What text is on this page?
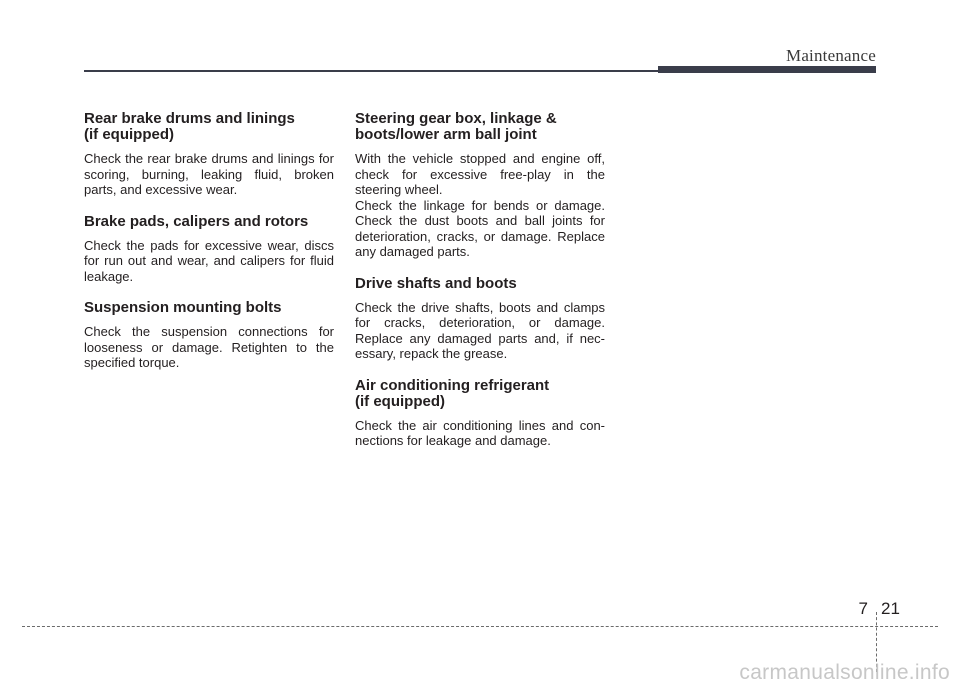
Maintenance
Rear brake drums and linings
(if equipped)

Check the rear brake drums and linings for scoring, burning, leaking fluid, broken parts, and excessive wear.

Brake pads, calipers and rotors

Check the pads for excessive wear, discs for run out and wear, and calipers for fluid leakage.

Suspension mounting bolts

Check the suspension connections for looseness or damage. Retighten to the specified torque.

Steering gear box, linkage &
boots/lower arm ball joint

With the vehicle stopped and engine off, check for excessive free-play in the steering wheel.

Check the linkage for bends or damage. Check the dust boots and ball joints for deterioration, cracks, or damage. Replace any damaged parts.

Drive shafts and boots

Check the drive shafts, boots and clamps for cracks, deterioration, or damage. Replace any damaged parts and, if nec-essary, repack the grease.

Air conditioning refrigerant
(if equipped)

Check the air conditioning lines and con-nections for leakage and damage.

7 21
carmanualsonline.info
